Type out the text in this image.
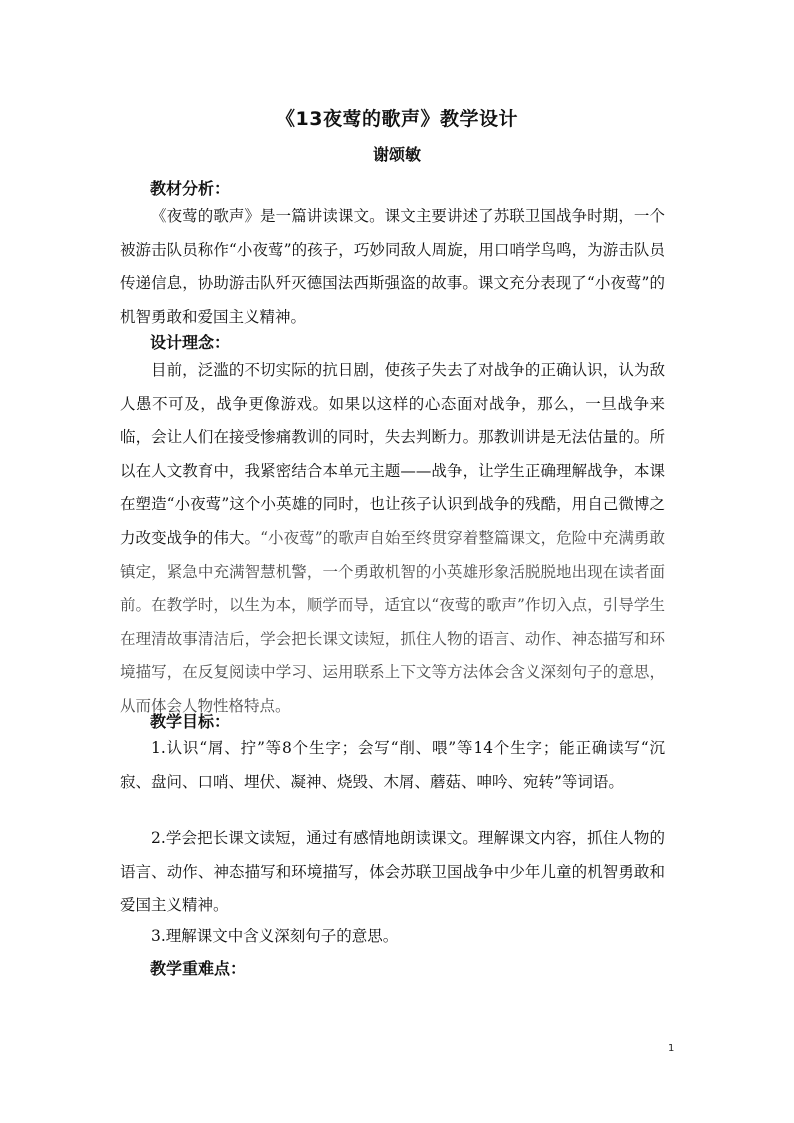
《13夜莺的歌声》教学设计
谢颂敏
教材分析：

《夜莺的歌声》是一篇讲读课文。课文主要讲述了苏联卫国战争时期，一个被游击队员称作“小夜莺”的孩子，巧妙同敌人周旋，用口哨学鸟鸣，为游击队员传递信息，协助游击队歼灭德国法西斯强盗的故事。课文充分表现了“小夜莺”的机智勇敢和爱国主义精神。

设计理念：

目前，泛滥的不切实际的抗日剧，使孩子失去了对战争的正确认识，认为敌人愚不可及，战争更像游戏。如果以这样的心态面对战争，那么，一旦战争来临，会让人们在接受惨痛教训的同时，失去判断力。那教训讲是无法估量的。所以在人文教育中，我紧密结合本单元主题——战争，让学生正确理解战争，本课在塑造“小夜莺”这个小英雄的同时，也让孩子认识到战争的残酷，用自己微博之力改变战争的伟大。“小夜莺”的歌声自始至终贯穿着整篇课文，危险中充满勇敢镇定，紧急中充满智慧机警，一个勇敢机智的小英雄形象活脱脱地出现在读者面前。在教学时，以生为本，顺学而导，适宜以“夜莺的歌声”作切入点，引导学生在理清故事清洁后，学会把长课文读短，抓住人物的语言、动作、神态描写和环境描写，在反复阅读中学习、运用联系上下文等方法体会含义深刻句子的意思，从而体会人物性格特点。

教学目标：

1.认识“屑、拧”等8个生字；会写“削、喂”等14个生字；能正确读写“沉寂、盘问、口哨、埋伏、凝神、烧毁、木屑、蘑菇、呻吟、宛转”等词语。

2.学会把长课文读短，通过有感情地朗读课文。理解课文内容，抓住人物的语言、动作、神态描写和环境描写，体会苏联卫国战争中少年儿童的机智勇敢和爱国主义精神。

3.理解课文中含义深刻句子的意思。

教学重难点：
1
